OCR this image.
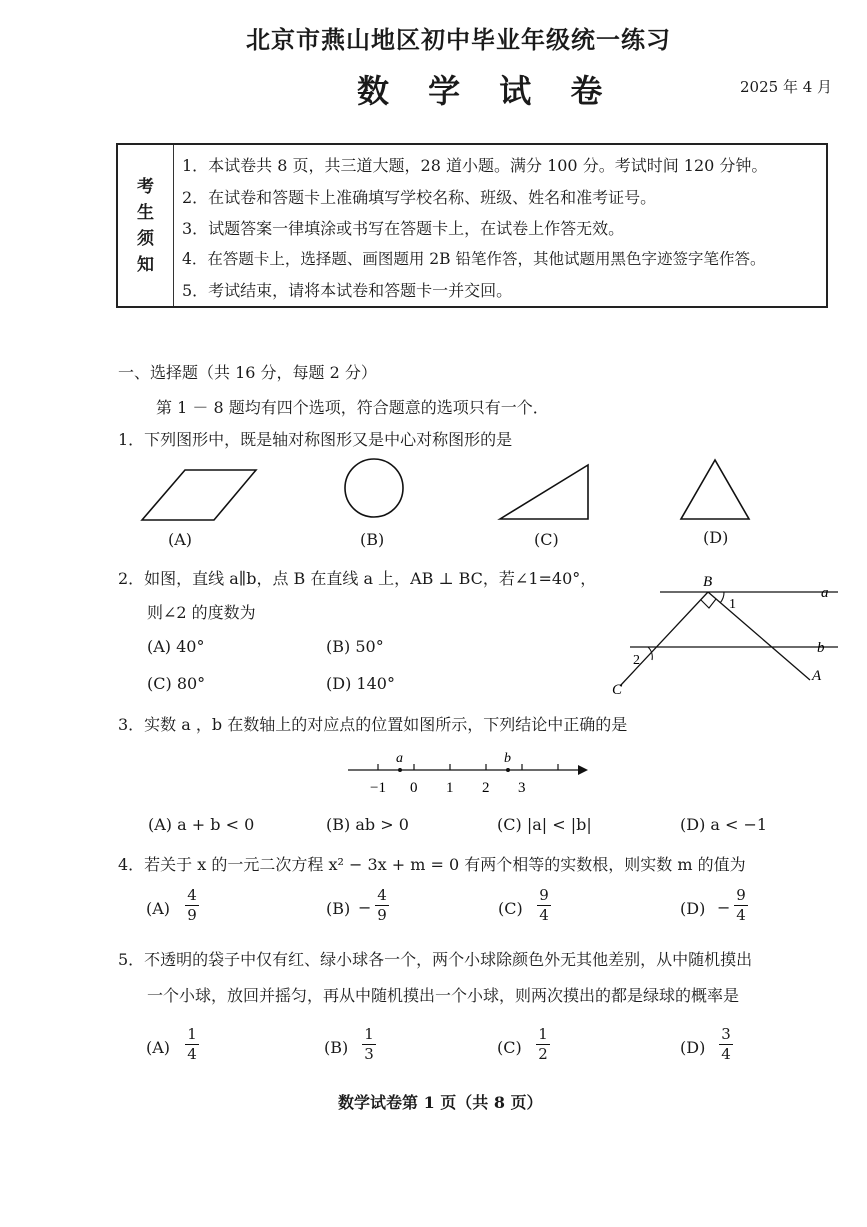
北京市燕山地区初中毕业年级统一练习
数 学 试 卷	2025 年 4 月
考
生
须
知
1．本试卷共 8 页，共三道大题，28 道小题。满分 100 分。考试时间 120 分钟。
2．在试卷和答题卡上准确填写学校名称、班级、姓名和准考证号。
3．试题答案一律填涂或书写在答题卡上，在试卷上作答无效。
4．在答题卡上，选择题、画图题用 2B 铅笔作答，其他试题用黑色字迹签字笔作答。
5．考试结束，请将本试卷和答题卡一并交回。
一、选择题（共 16 分，每题 2 分）
第 1 － 8 题均有四个选项，符合题意的选项只有一个．
1．下列图形中，既是轴对称图形又是中心对称图形的是
(A)	(B)	(C)	(D)
2．如图，直线 a∥b，点 B 在直线 a 上，AB ⊥ BC，若∠1=40°，
则∠2 的度数为
(A) 40°	(B) 50°
(C) 80°	(D) 140°
B
1
a
b
2
A
C
3．实数 a ，b 在数轴上的对应点的位置如图所示，下列结论中正确的是
a	b
−1 0 1 2 3
(A) a + b < 0	(B) ab > 0	(C) |a| < |b|	(D) a < −1
4．若关于 x 的一元二次方程 x² − 3x + m = 0 有两个相等的实数根，则实数 m 的值为
(A)
4
9	(B) −
4
9	(C)
9
4	(D) −
9
4
5．不透明的袋子中仅有红、绿小球各一个，两个小球除颜色外无其他差别，从中随机摸出
一个小球，放回并摇匀，再从中随机摸出一个小球，则两次摸出的都是绿球的概率是
(A)
1
4	(B)
1
3	(C)
1
2	(D)
3
4
数学试卷第 1 页（共 8 页）
